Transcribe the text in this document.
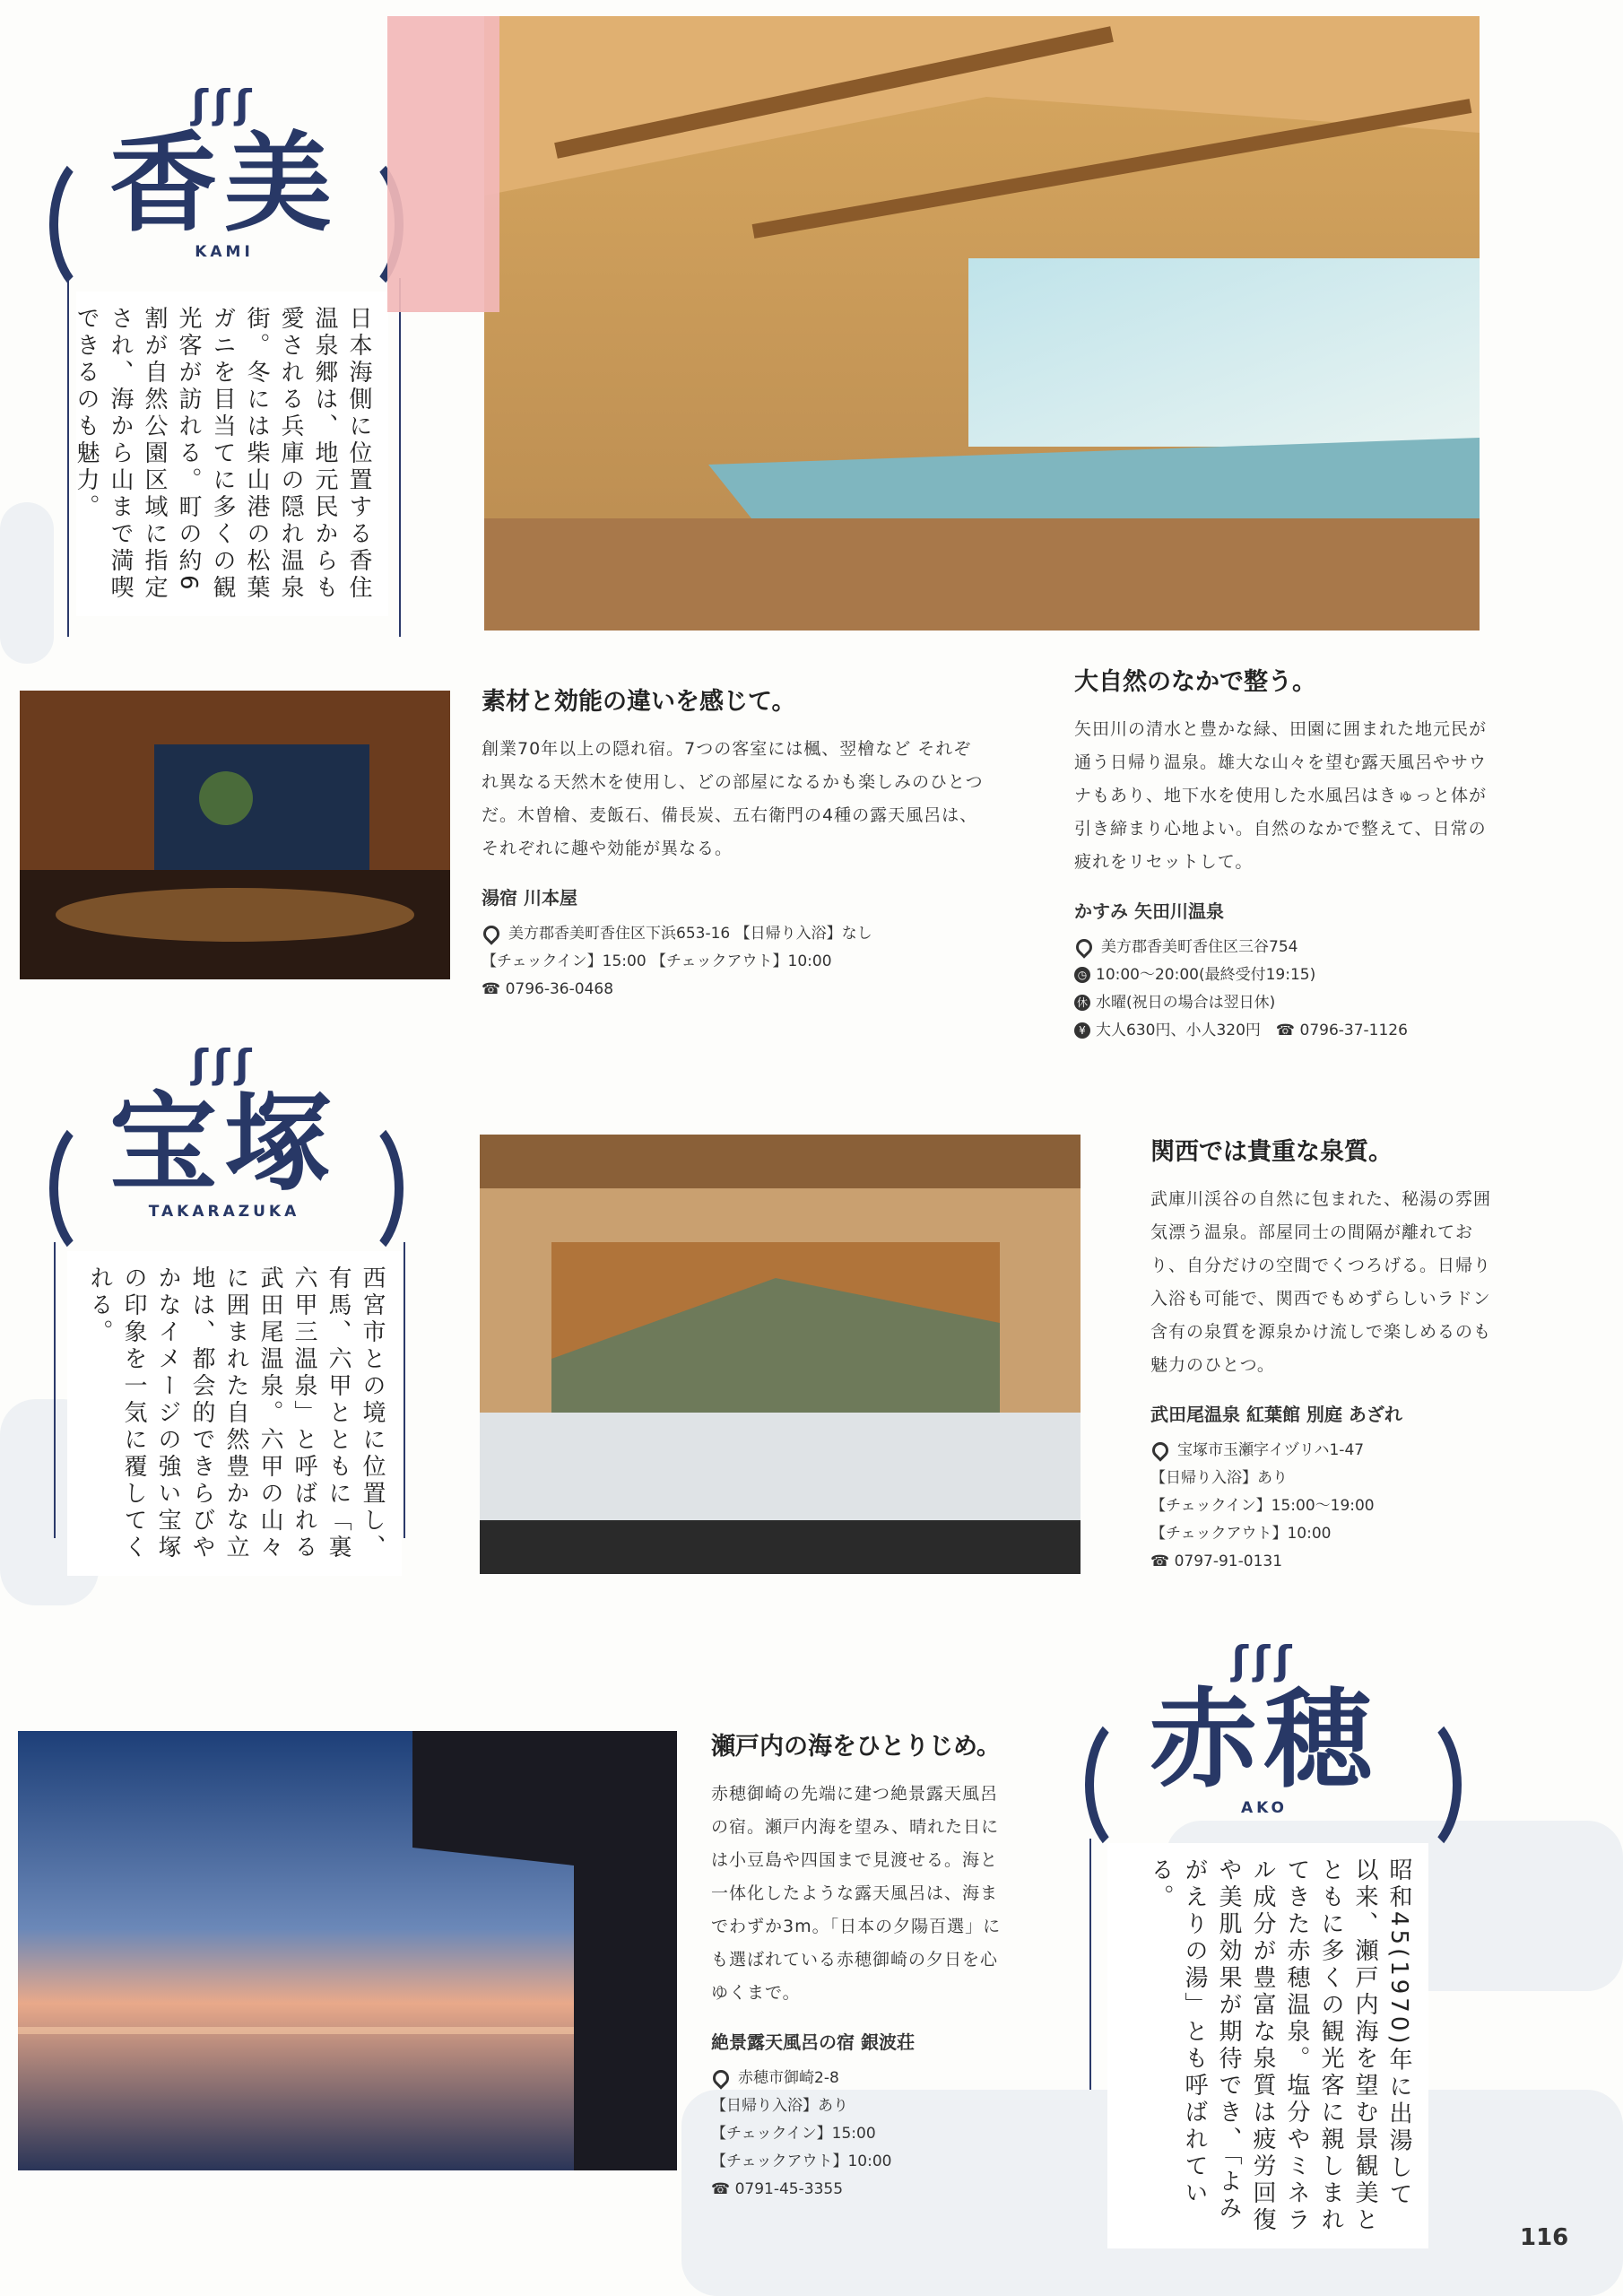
ʃʃʃ
香美
KAMI
日本海側に位置する香住温泉郷は、地元民からも愛される兵庫の隠れ温泉街。冬には柴山港の松葉ガニを目当てに多くの観光客が訪れる。町の約6割が自然公園区域に指定され、海から山まで満喫できるのも魅力。
素材と効能の違いを感じて。

創業70年以上の隠れ宿。7つの客室には楓、翌檜など それぞれ異なる天然木を使用し、どの部屋になるかも楽しみのひとつだ。木曽檜、麦飯石、備長炭、五右衛門の4種の露天風呂は、それぞれに趣や効能が異なる。

湯宿 川本屋
美方郡香美町香住区下浜653-16 【日帰り入浴】なし
【チェックイン】15:00 【チェックアウト】10:00
☎ 0796-36-0468
大自然のなかで整う。

矢田川の清水と豊かな緑、田園に囲まれた地元民が通う日帰り温泉。雄大な山々を望む露天風呂やサウナもあり、地下水を使用した水風呂はきゅっと体が引き締まり心地よい。自然のなかで整えて、日常の疲れをリセットして。

かすみ 矢田川温泉
美方郡香美町香住区三谷754
◷ 10:00〜20:00(最終受付19:15)
休 水曜(祝日の場合は翌日休)
¥ 大人630円、小人320円　 ☎ 0796-37-1126
ʃʃʃ
宝塚
TAKARAZUKA
西宮市との境に位置し、有馬、六甲とともに「裏六甲三温泉」と呼ばれる武田尾温泉。六甲の山々に囲まれた自然豊かな立地は、都会的できらびやかなイメージの強い宝塚の印象を一気に覆してくれる。
関西では貴重な泉質。

武庫川渓谷の自然に包まれた、秘湯の雰囲気漂う温泉。部屋同士の間隔が離れており、自分だけの空間でくつろげる。日帰り入浴も可能で、関西でもめずらしいラドン含有の泉質を源泉かけ流しで楽しめるのも魅力のひとつ。

武田尾温泉 紅葉館 別庭 あざれ
宝塚市玉瀬字イヅリハ1-47
【日帰り入浴】あり
【チェックイン】15:00〜19:00
【チェックアウト】10:00
☎ 0797-91-0131
瀬戸内の海をひとりじめ。

赤穂御崎の先端に建つ絶景露天風呂の宿。瀬戸内海を望み、晴れた日には小豆島や四国まで見渡せる。海と一体化したような露天風呂は、海までわずか3m。「日本の夕陽百選」にも選ばれている赤穂御崎の夕日を心ゆくまで。

絶景露天風呂の宿 銀波荘
赤穂市御崎2-8
【日帰り入浴】あり
【チェックイン】15:00
【チェックアウト】10:00
☎ 0791-45-3355
ʃʃʃ
赤穂
AKO
昭和45(1970)年に出湯して以来、瀬戸内海を望む景観美とともに多くの観光客に親しまれてきた赤穂温泉。塩分やミネラル成分が豊富な泉質は疲労回復や美肌効果が期待でき、「よみがえりの湯」とも呼ばれている。
116
